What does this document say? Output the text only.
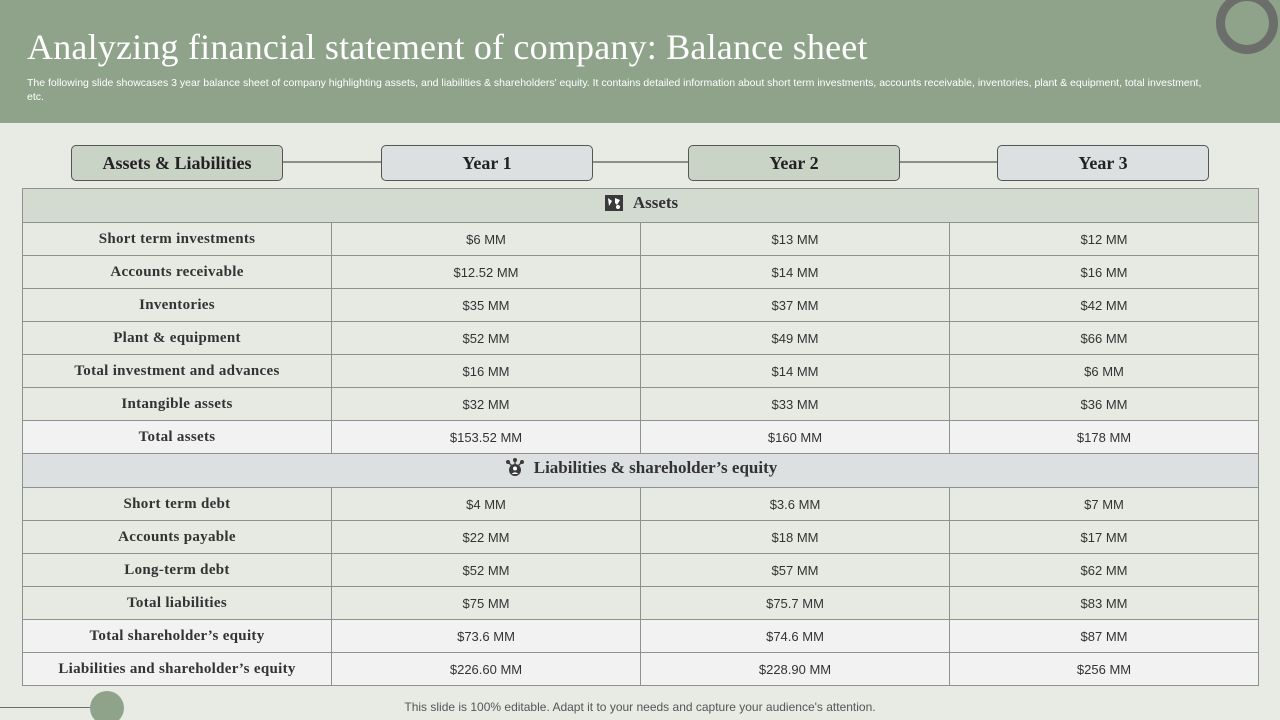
Analyzing financial statement of company: Balance sheet
The following slide showcases 3 year balance sheet of company highlighting assets, and liabilities & shareholders' equity. It contains detailed information about short term investments, accounts receivable, inventories, plant & equipment, total investment, etc.
Assets & Liabilities	Year 1	Year 2	Year 3
Assets			

Short term investments	$6 MM	$13 MM	$12 MM
Accounts receivable	$12.52 MM	$14 MM	$16 MM
Inventories	$35 MM	$37 MM	$42 MM
Plant & equipment	$52 MM	$49 MM	$66 MM
Total investment and advances	$16 MM	$14 MM	$6 MM
Intangible assets	$32 MM	$33 MM	$36 MM
Total assets	$153.52 MM	$160 MM	$178 MM

Liabilities & shareholder’s equity			

Short term debt	$4 MM	$3.6 MM	$7 MM
Accounts payable	$22 MM	$18 MM	$17 MM
Long-term debt	$52 MM	$57 MM	$62 MM
Total liabilities	$75 MM	$75.7 MM	$83 MM
Total shareholder’s equity	$73.6 MM	$74.6 MM	$87 MM
Liabilities and shareholder’s equity	$226.60 MM	$228.90 MM	$256 MM
This slide is 100% editable. Adapt it to your needs and capture your audience's attention.
